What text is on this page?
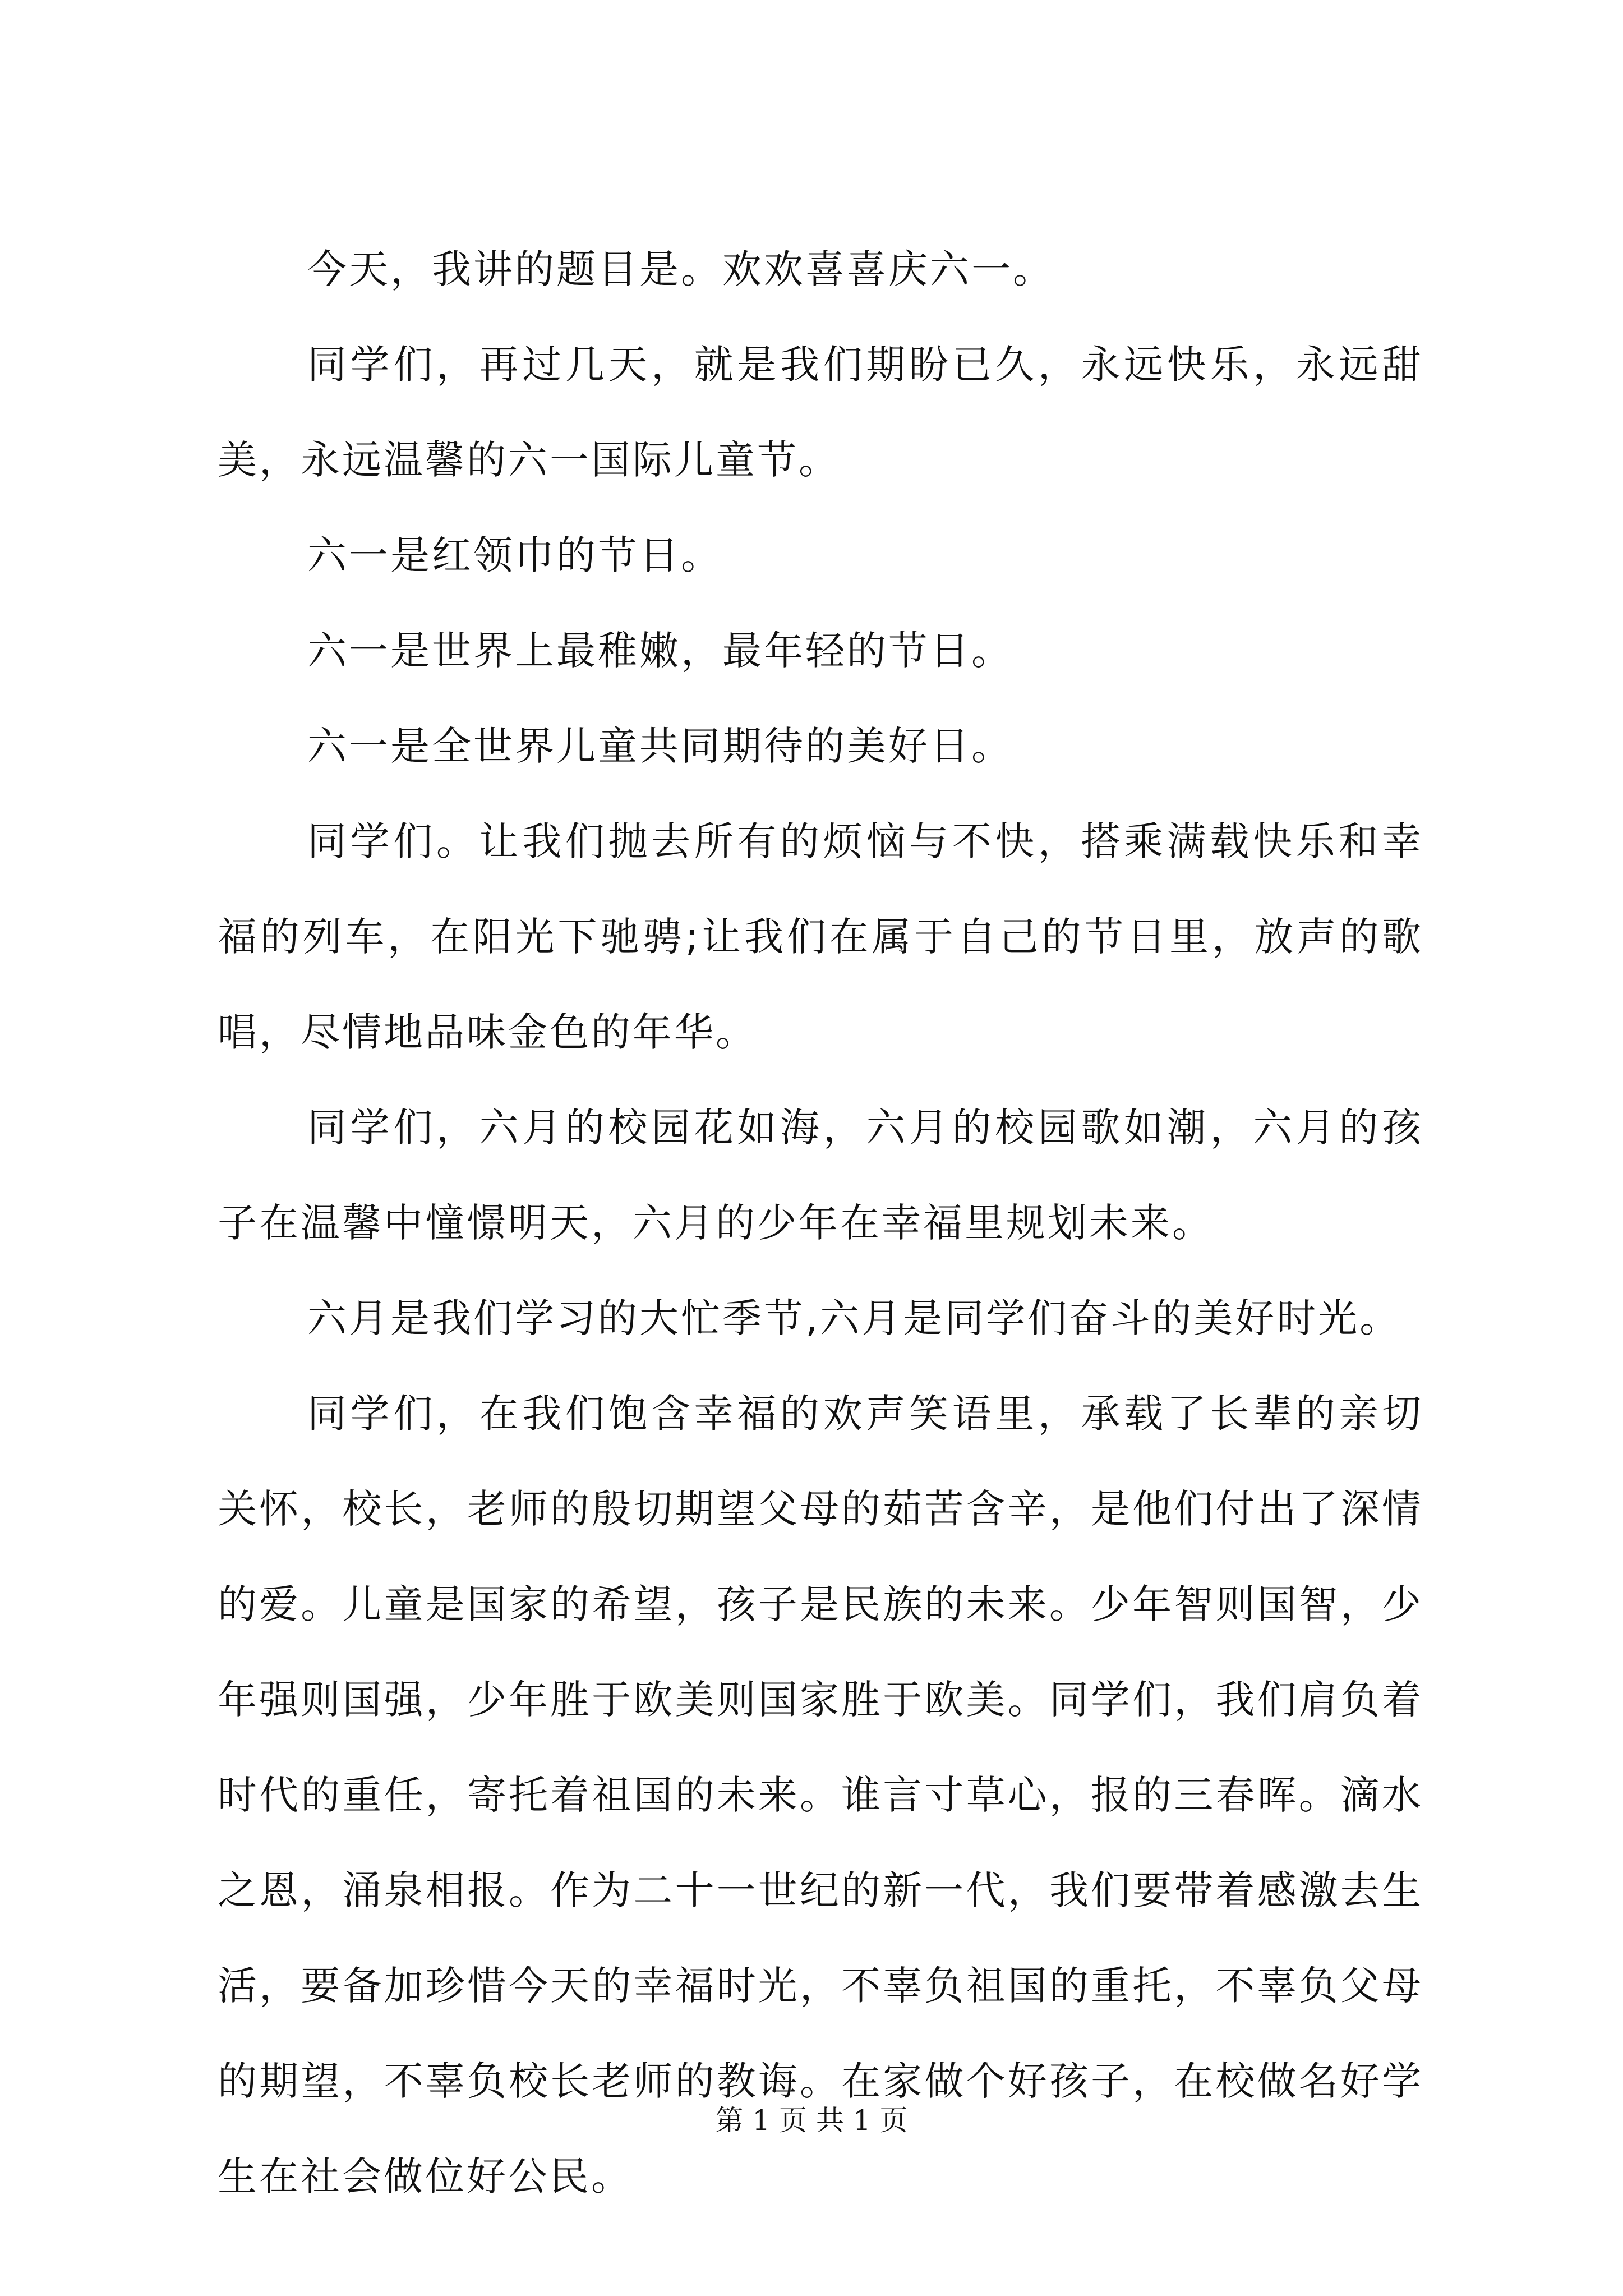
今天，我讲的题目是。欢欢喜喜庆六一。

同学们，再过几天，就是我们期盼已久，永远快乐，永远甜美，永远温馨的六一国际儿童节。

六一是红领巾的节日。

六一是世界上最稚嫩，最年轻的节日。

六一是全世界儿童共同期待的美好日。

同学们。让我们抛去所有的烦恼与不快，搭乘满载快乐和幸福的列车，在阳光下驰骋;让我们在属于自己的节日里，放声的歌唱，尽情地品味金色的年华。

同学们，六月的校园花如海，六月的校园歌如潮，六月的孩子在温馨中憧憬明天，六月的少年在幸福里规划未来。

六月是我们学习的大忙季节,六月是同学们奋斗的美好时光。

同学们，在我们饱含幸福的欢声笑语里，承载了长辈的亲切关怀，校长，老师的殷切期望父母的茹苦含辛，是他们付出了深情的爱。儿童是国家的希望，孩子是民族的未来。少年智则国智，少年强则国强，少年胜于欧美则国家胜于欧美。同学们，我们肩负着时代的重任，寄托着祖国的未来。谁言寸草心，报的三春晖。滴水之恩，涌泉相报。作为二十一世纪的新一代，我们要带着感激去生活，要备加珍惜今天的幸福时光，不辜负祖国的重托，不辜负父母的期望，不辜负校长老师的教诲。在家做个好孩子，在校做名好学生在社会做位好公民。

第 1 页 共 1 页
